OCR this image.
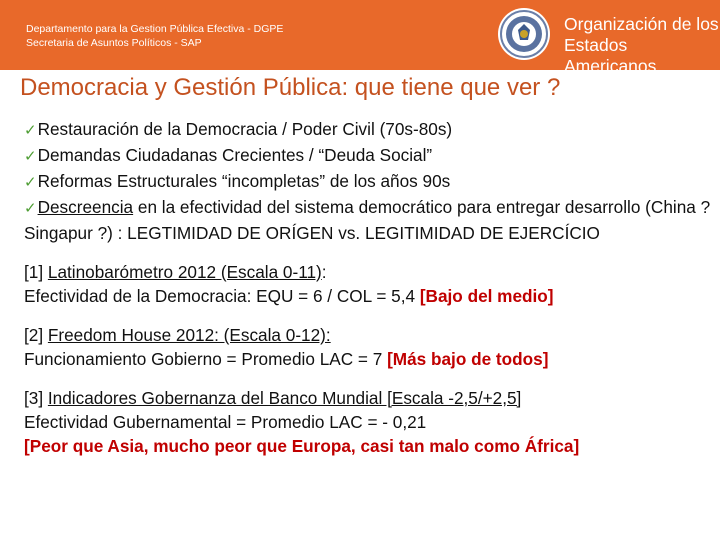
Departamento para la Gestion Pública Efectiva - DGPE
Secretaria de Asuntos Políticos - SAP
Organización de los
Estados Americanos
Democracia y Gestión Pública: que tiene que ver ?
✓Restauración de la Democracia / Poder Civil (70s-80s)
✓Demandas Ciudadanas Crecientes / “Deuda Social”
✓Reformas Estructurales “incompletas” de los años 90s
✓Descreencia en la efectividad del sistema democrático para entregar desarrollo (China ? Singapur ?) : LEGTIMIDAD DE ORÍGEN vs. LEGITIMIDAD DE EJERCÍCIO
[1] Latinobarómetro 2012 (Escala 0-11):
Efectividad de la Democracia: EQU = 6 / COL = 5,4 [Bajo del medio]
[2] Freedom House 2012: (Escala 0-12):
Funcionamiento Gobierno = Promedio LAC = 7 [Más bajo de todos]
[3] Indicadores Gobernanza del Banco Mundial [Escala -2,5/+2,5]
Efectividad Gubernamental = Promedio LAC = - 0,21
[Peor que Asia, mucho peor que Europa, casi tan malo como África]
